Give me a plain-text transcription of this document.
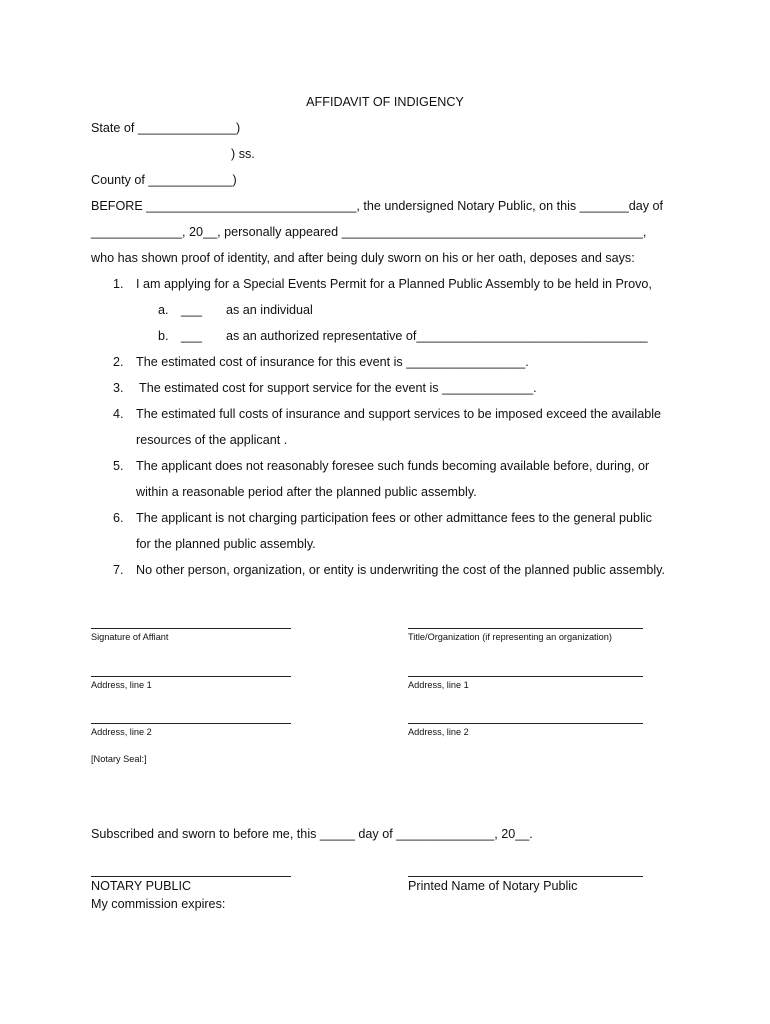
AFFIDAVIT OF INDIGENCY
State of ______________)
) ss.
County of ____________)
BEFORE ______________________________, the undersigned Notary Public, on this _______day of
_____________, 20__, personally appeared ___________________________________________,
who has shown proof of identity, and after being duly sworn on his or her oath, deposes and says:
1. I am applying for a Special Events Permit for a Planned Public Assembly to be held in Provo,
a. ___ as an individual
b. ___ as an authorized representative of_________________________________
2. The estimated cost of insurance for this event is _________________.
3. The estimated cost for support service for the event is _____________.
4. The estimated full costs of insurance and support services to be imposed exceed the available
resources of the applicant .
5. The applicant does not reasonably foresee such funds becoming available before, during, or
within a reasonable period after the planned public assembly.
6. The applicant is not charging participation fees or other admittance fees to the general public
for the planned public assembly.
7. No other person, organization, or entity is underwriting the cost of the planned public assembly.
Signature of Affiant	Title/Organization (if representing an organization)
Address, line 1	Address, line 1
Address, line 2	Address, line 2
[Notary Seal:]
Subscribed and sworn to before me, this _____ day of ______________, 20__.
NOTARY PUBLIC	Printed Name of Notary Public
My commission expires:
